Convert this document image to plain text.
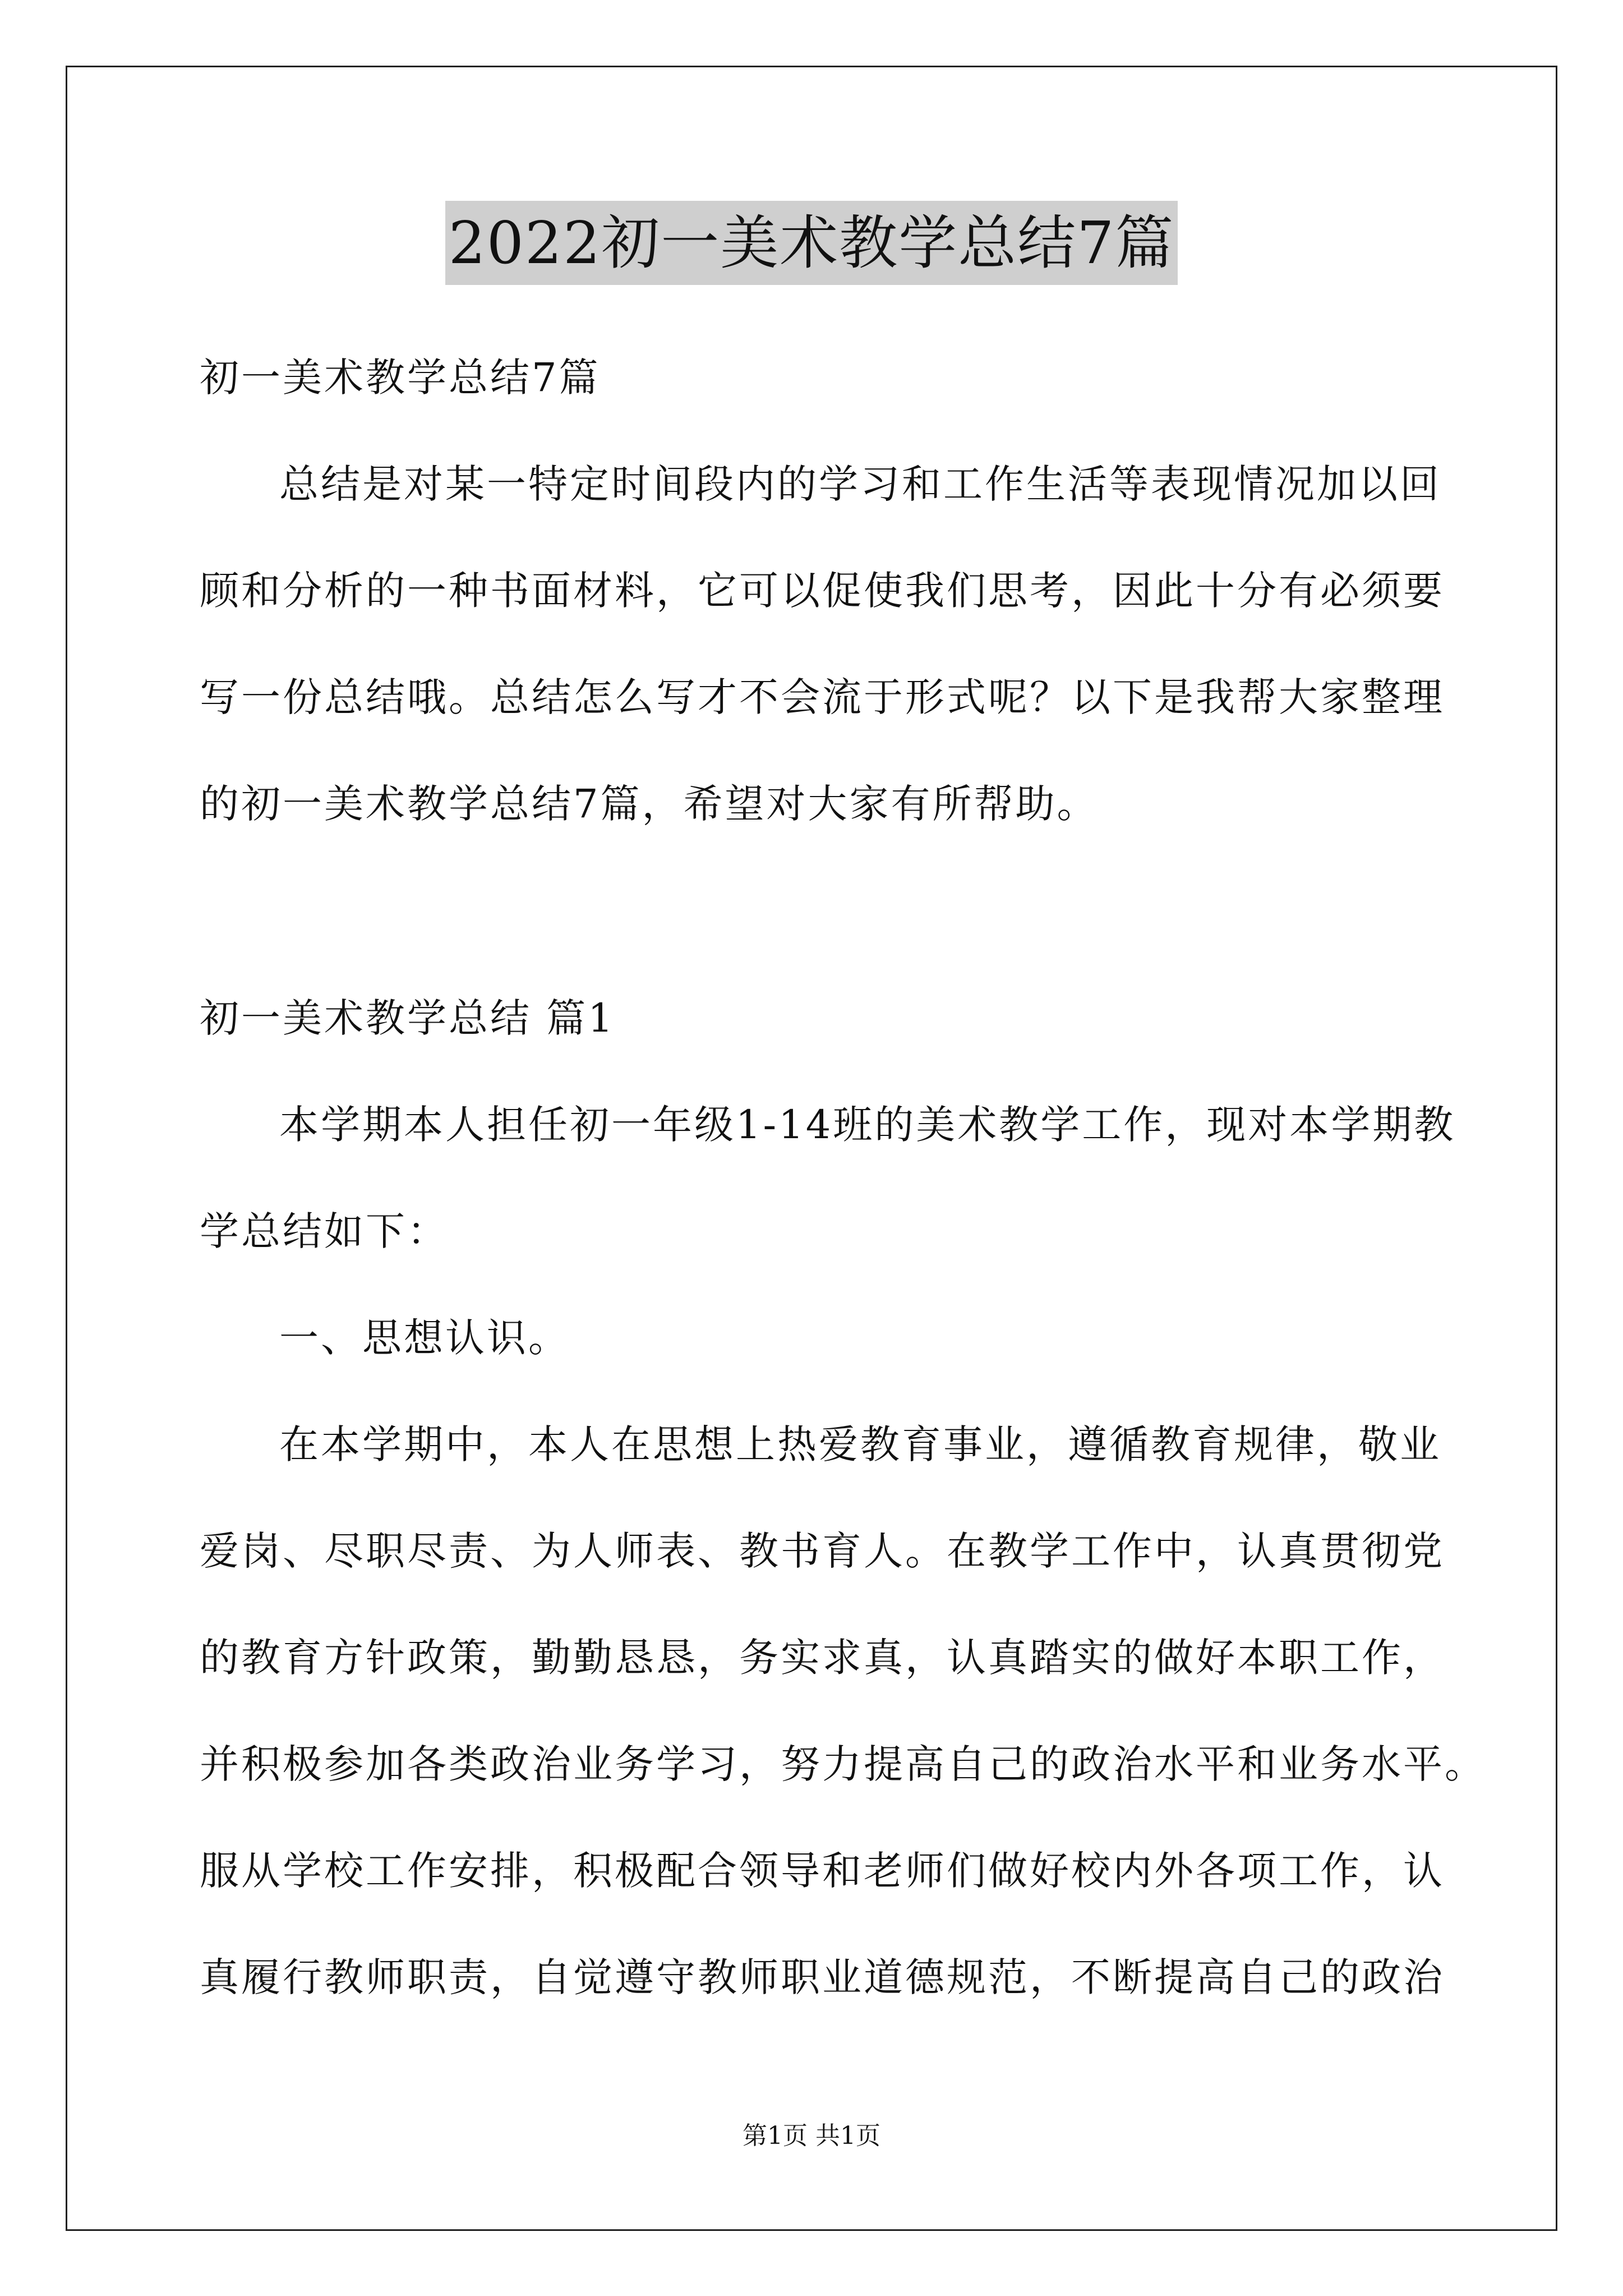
2022初一美术教学总结7篇
初一美术教学总结7篇
总结是对某一特定时间段内的学习和工作生活等表现情况加以回
顾和分析的一种书面材料，它可以促使我们思考，因此十分有必须要
写一份总结哦。总结怎么写才不会流于形式呢？以下是我帮大家整理
的初一美术教学总结7篇，希望对大家有所帮助。
初一美术教学总结 篇1
本学期本人担任初一年级1-14班的美术教学工作，现对本学期教
学总结如下：
一、思想认识。
在本学期中，本人在思想上热爱教育事业，遵循教育规律，敬业
爱岗、尽职尽责、为人师表、教书育人。在教学工作中，认真贯彻党
的教育方针政策，勤勤恳恳，务实求真，认真踏实的做好本职工作，
并积极参加各类政治业务学习，努力提高自己的政治水平和业务水平。
服从学校工作安排，积极配合领导和老师们做好校内外各项工作，认
真履行教师职责，自觉遵守教师职业道德规范，不断提高自己的政治
第1页 共1页
